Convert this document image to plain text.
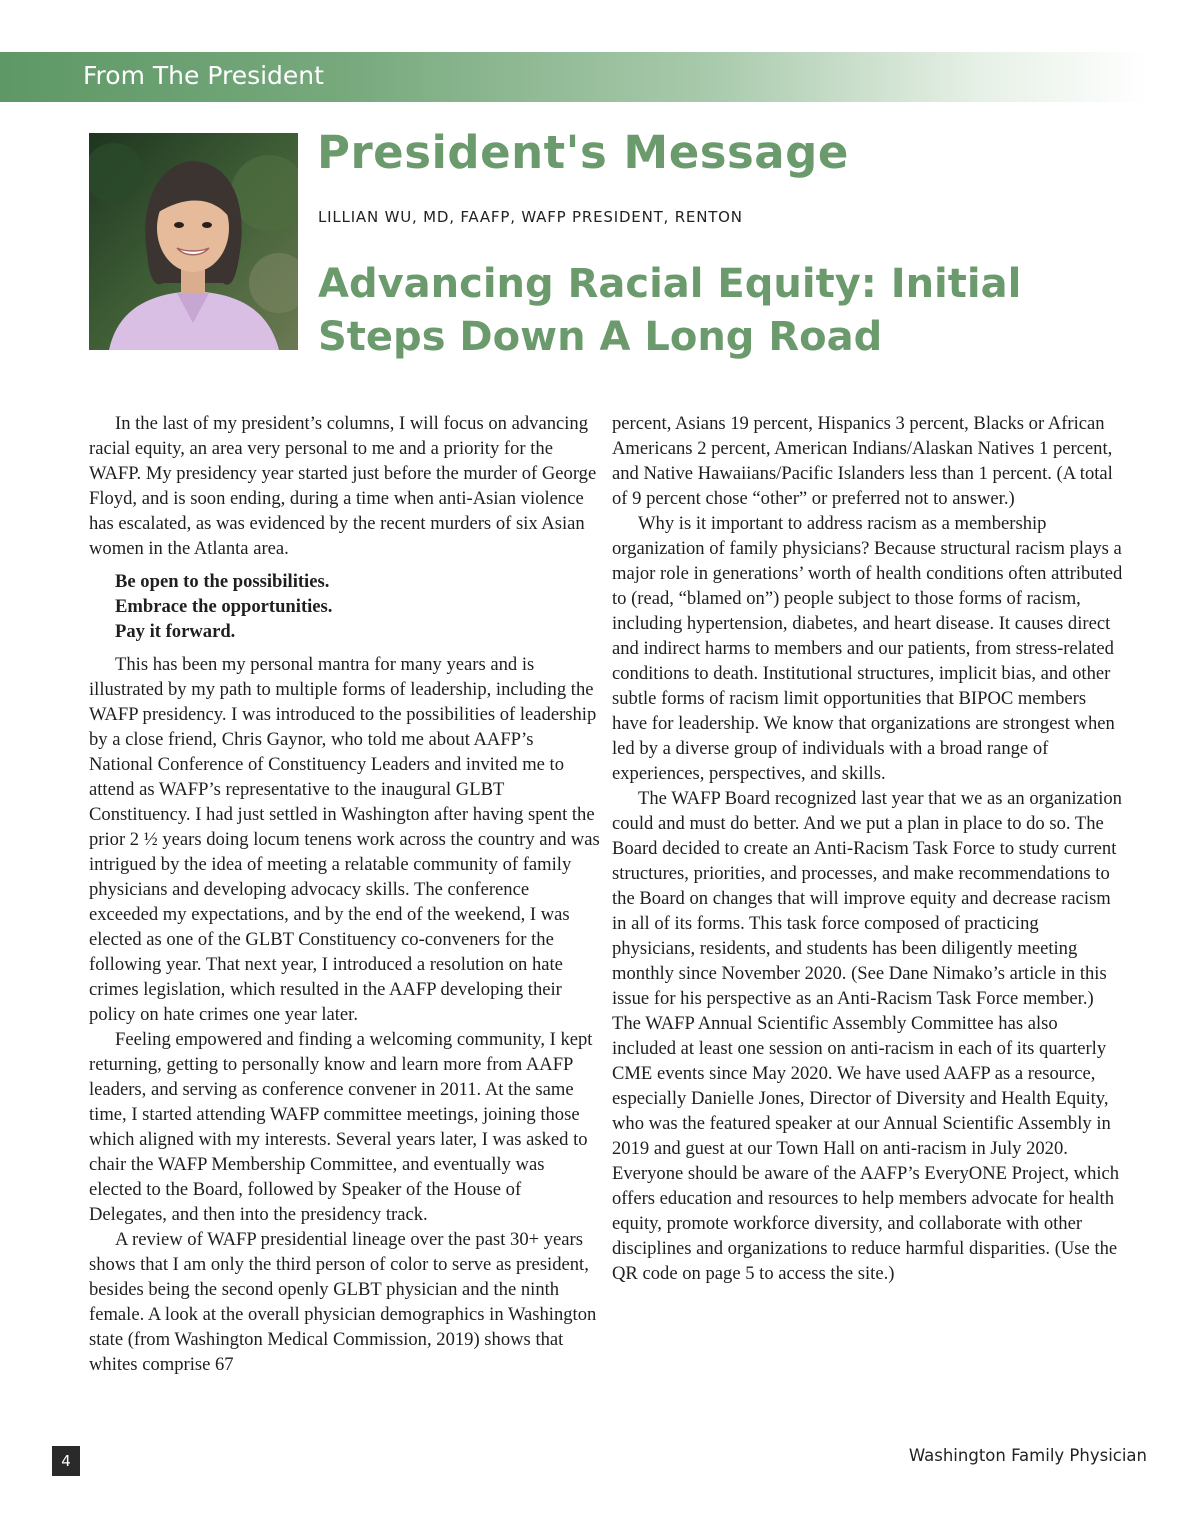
From The President
President's Message
LILLIAN WU, MD, FAAFP, WAFP PRESIDENT, RENTON
Advancing Racial Equity: Initial Steps Down A Long Road

In the last of my president’s columns, I will focus on advancing racial equity, an area very personal to me and a priority for the WAFP. My presidency year started just before the murder of George Floyd, and is soon ending, during a time when anti-Asian violence has escalated, as was evidenced by the recent murders of six Asian women in the Atlanta area.

Be open to the possibilities.
Embrace the opportunities.
Pay it forward.

This has been my personal mantra for many years and is illustrated by my path to multiple forms of leadership, including the WAFP presidency. I was introduced to the possibilities of leadership by a close friend, Chris Gaynor, who told me about AAFP’s National Conference of Constituency Leaders and invited me to attend as WAFP’s representative to the inaugural GLBT Constituency. I had just settled in Washington after having spent the prior 2 ½ years doing locum tenens work across the country and was intrigued by the idea of meeting a relatable community of family physicians and developing advocacy skills. The conference exceeded my expectations, and by the end of the weekend, I was elected as one of the GLBT Constituency co-conveners for the following year. That next year, I introduced a resolution on hate crimes legislation, which resulted in the AAFP developing their policy on hate crimes one year later.

Feeling empowered and finding a welcoming community, I kept returning, getting to personally know and learn more from AAFP leaders, and serving as conference convener in 2011. At the same time, I started attending WAFP committee meetings, joining those which aligned with my interests. Several years later, I was asked to chair the WAFP Membership Committee, and eventually was elected to the Board, followed by Speaker of the House of Delegates, and then into the presidency track.

A review of WAFP presidential lineage over the past 30+ years shows that I am only the third person of color to serve as president, besides being the second openly GLBT physician and the ninth female. A look at the overall physician demographics in Washington state (from Washington Medical Commission, 2019) shows that whites comprise 67

percent, Asians 19 percent, Hispanics 3 percent, Blacks or African Americans 2 percent, American Indians/Alaskan Natives 1 percent, and Native Hawaiians/Pacific Islanders less than 1 percent. (A total of 9 percent chose “other” or preferred not to answer.)

Why is it important to address racism as a membership organization of family physicians? Because structural racism plays a major role in generations’ worth of health conditions often attributed to (read, “blamed on”) people subject to those forms of racism, including hypertension, diabetes, and heart disease. It causes direct and indirect harms to members and our patients, from stress-related conditions to death. Institutional structures, implicit bias, and other subtle forms of racism limit opportunities that BIPOC members have for leadership. We know that organizations are strongest when led by a diverse group of individuals with a broad range of experiences, perspectives, and skills.

The WAFP Board recognized last year that we as an organization could and must do better. And we put a plan in place to do so. The Board decided to create an Anti-Racism Task Force to study current structures, priorities, and processes, and make recommendations to the Board on changes that will improve equity and decrease racism in all of its forms. This task force composed of practicing physicians, residents, and students has been diligently meeting monthly since November 2020. (See Dane Nimako’s article in this issue for his perspective as an Anti-Racism Task Force member.) The WAFP Annual Scientific Assembly Committee has also included at least one session on anti-racism in each of its quarterly CME events since May 2020. We have used AAFP as a resource, especially Danielle Jones, Director of Diversity and Health Equity, who was the featured speaker at our Annual Scientific Assembly in 2019 and guest at our Town Hall on anti-racism in July 2020. Everyone should be aware of the AAFP’s EveryONE Project, which offers education and resources to help members advocate for health equity, promote workforce diversity, and collaborate with other disciplines and organizations to reduce harmful disparities. (Use the QR code on page 5 to access the site.)

4	Washington Family Physician
